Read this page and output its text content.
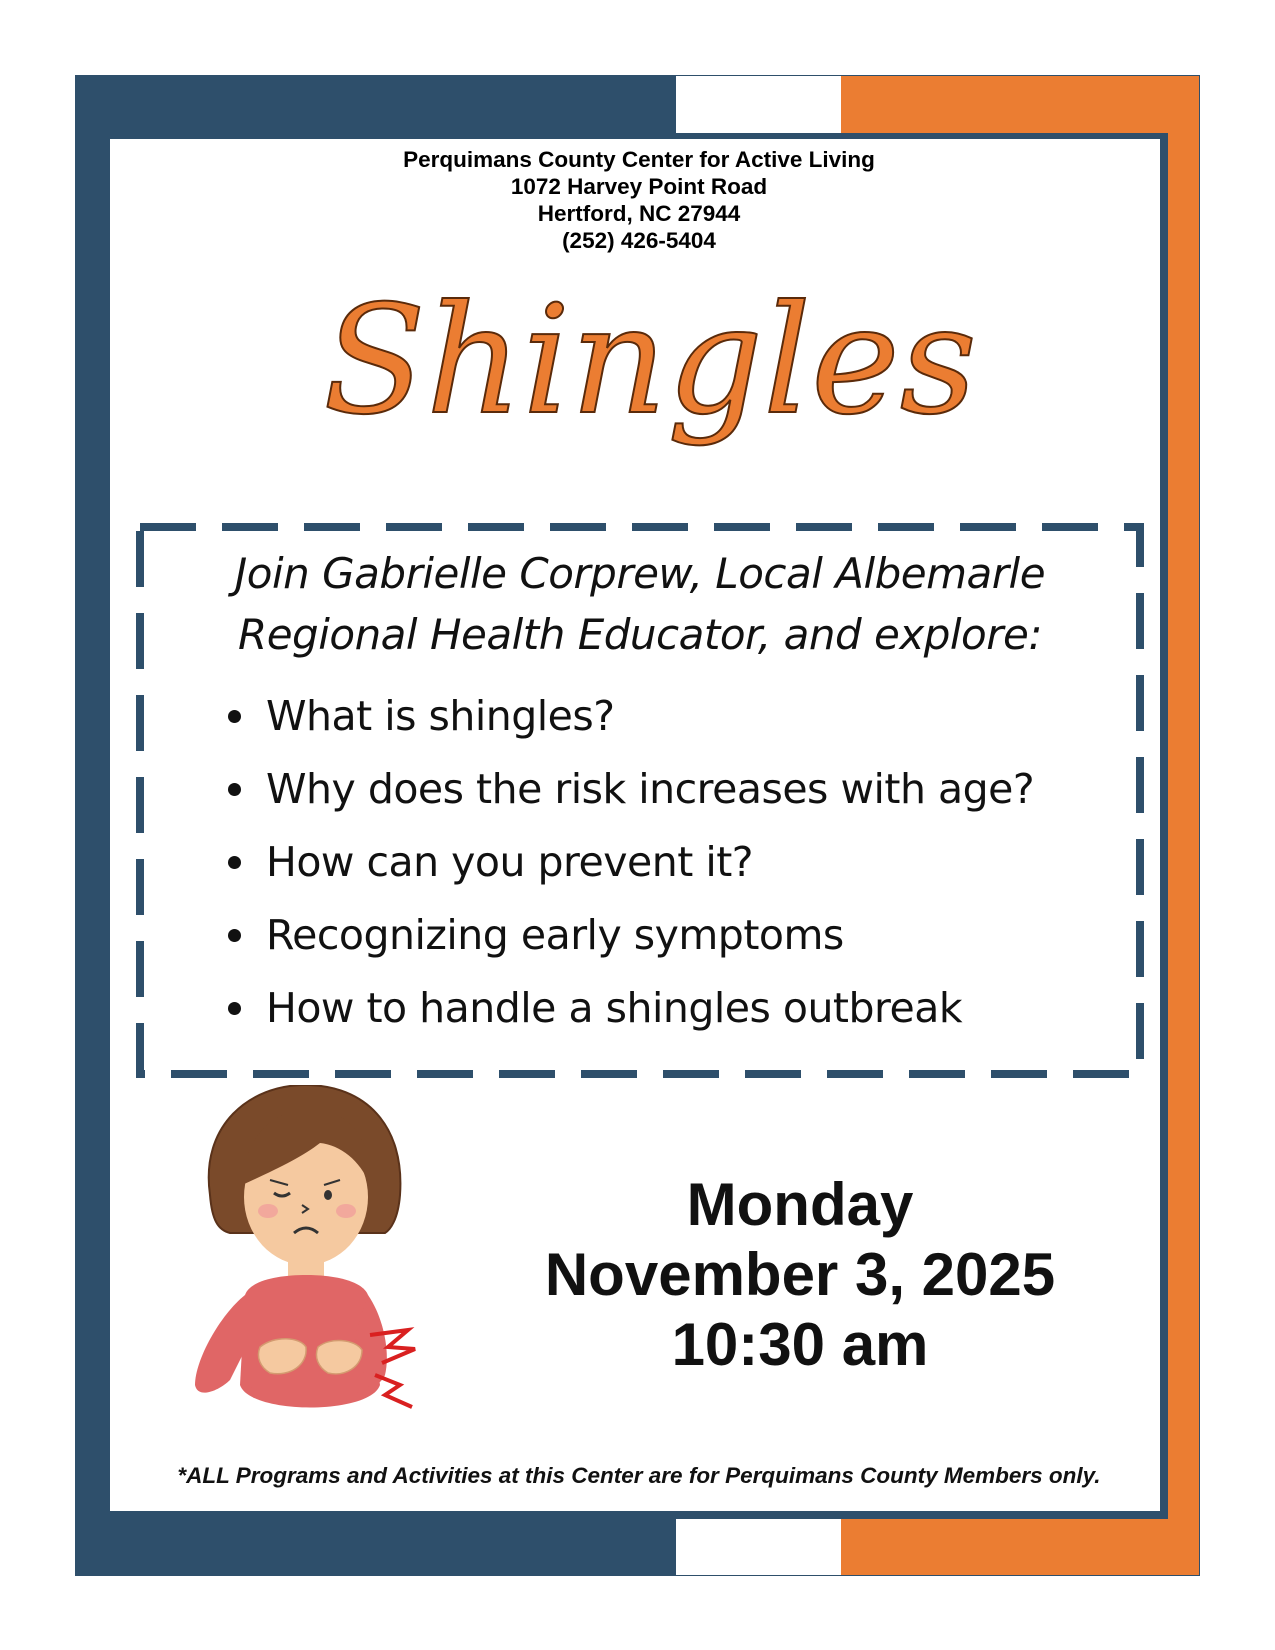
Perquimans County Center for Active Living
1072 Harvey Point Road
Hertford, NC 27944
(252) 426-5404
Shingles
Join Gabrielle Corprew, Local Albemarle
Regional Health Educator, and explore:
What is shingles?
Why does the risk increases with age?
How can you prevent it?
Recognizing early symptoms
How to handle a shingles outbreak
Monday
November 3, 2025
10:30 am
*ALL Programs and Activities at this Center are for Perquimans County Members only.
